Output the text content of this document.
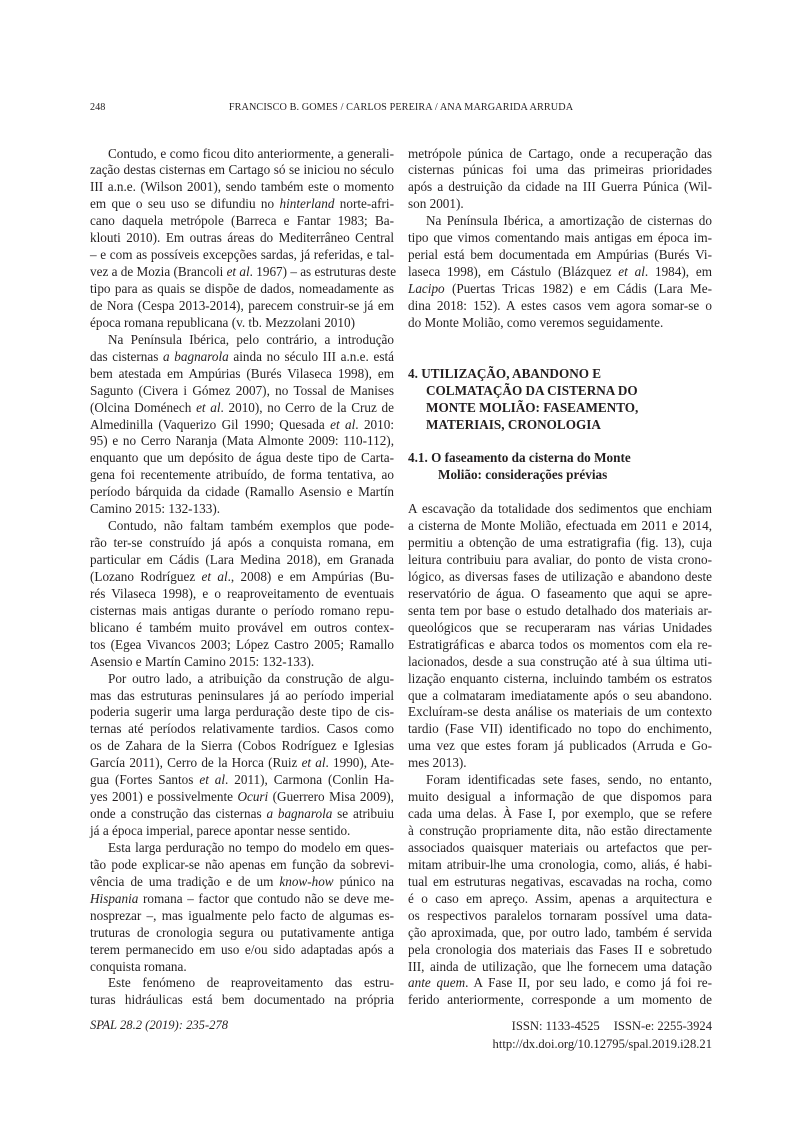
248	FRANCISCO B. GOMES / CARLOS PEREIRA / ANA MARGARIDA ARRUDA
Contudo, e como ficou dito anteriormente, a generali-
zação destas cisternas em Cartago só se iniciou no século
III a.n.e. (Wilson 2001), sendo também este o momento
em que o seu uso se difundiu no hinterland norte-afri-
cano daquela metrópole (Barreca e Fantar 1983; Ba-
klouti 2010). Em outras áreas do Mediterrâneo Central
– e com as possíveis excepções sardas, já referidas, e tal-
vez a de Mozia (Brancoli et al. 1967) – as estruturas deste
tipo para as quais se dispõe de dados, nomeadamente as
de Nora (Cespa 2013-2014), parecem construir-se já em
época romana republicana (v. tb. Mezzolani 2010)
Na Península Ibérica, pelo contrário, a introdução
das cisternas a bagnarola ainda no século III a.n.e. está
bem atestada em Ampúrias (Burés Vilaseca 1998), em
Sagunto (Civera i Gómez 2007), no Tossal de Manises
(Olcina Doménech et al. 2010), no Cerro de la Cruz de
Almedinilla (Vaquerizo Gil 1990; Quesada et al. 2010:
95) e no Cerro Naranja (Mata Almonte 2009: 110-112),
enquanto que um depósito de água deste tipo de Carta-
gena foi recentemente atribuído, de forma tentativa, ao
período bárquida da cidade (Ramallo Asensio e Martín
Camino 2015: 132-133).
Contudo, não faltam também exemplos que pode-
rão ter-se construído já após a conquista romana, em
particular em Cádis (Lara Medina 2018), em Granada
(Lozano Rodríguez et al., 2008) e em Ampúrias (Bu-
rés Vilaseca 1998), e o reaproveitamento de eventuais
cisternas mais antigas durante o período romano repu-
blicano é também muito provável em outros contex-
tos (Egea Vivancos 2003; López Castro 2005; Ramallo
Asensio e Martín Camino 2015: 132-133).
Por outro lado, a atribuição da construção de algu-
mas das estruturas peninsulares já ao período imperial
poderia sugerir uma larga perduração deste tipo de cis-
ternas até períodos relativamente tardios. Casos como
os de Zahara de la Sierra (Cobos Rodríguez e Iglesias
García 2011), Cerro de la Horca (Ruiz et al. 1990), Ate-
gua (Fortes Santos et al. 2011), Carmona (Conlin Ha-
yes 2001) e possivelmente Ocuri (Guerrero Misa 2009),
onde a construção das cisternas a bagnarola se atribuiu
já a época imperial, parece apontar nesse sentido.
Esta larga perduração no tempo do modelo em ques-
tão pode explicar-se não apenas em função da sobrevi-
vência de uma tradição e de um know-how púnico na
Hispania romana – factor que contudo não se deve me-
nosprezar –, mas igualmente pelo facto de algumas es-
truturas de cronologia segura ou putativamente antiga
terem permanecido em uso e/ou sido adaptadas após a
conquista romana.
Este fenómeno de reaproveitamento das estru-
turas hidráulicas está bem documentado na própria
metrópole púnica de Cartago, onde a recuperação das
cisternas púnicas foi uma das primeiras prioridades
após a destruição da cidade na III Guerra Púnica (Wil-
son 2001).
Na Península Ibérica, a amortização de cisternas do
tipo que vimos comentando mais antigas em época im-
perial está bem documentada em Ampúrias (Burés Vi-
laseca 1998), em Cástulo (Blázquez et al. 1984), em
Lacipo (Puertas Tricas 1982) e em Cádis (Lara Me-
dina 2018: 152). A estes casos vem agora somar-se o
do Monte Molião, como veremos seguidamente.
4. UTILIZAÇÃO, ABANDONO E
COLMATAÇÃO DA CISTERNA DO
MONTE MOLIÃO: FASEAMENTO,
MATERIAIS, CRONOLOGIA
4.1. O faseamento da cisterna do Monte
Molião: considerações prévias
A escavação da totalidade dos sedimentos que enchiam
a cisterna de Monte Molião, efectuada em 2011 e 2014,
permitiu a obtenção de uma estratigrafia (fig. 13), cuja
leitura contribuiu para avaliar, do ponto de vista crono-
lógico, as diversas fases de utilização e abandono deste
reservatório de água. O faseamento que aqui se apre-
senta tem por base o estudo detalhado dos materiais ar-
queológicos que se recuperaram nas várias Unidades
Estratigráficas e abarca todos os momentos com ela re-
lacionados, desde a sua construção até à sua última uti-
lização enquanto cisterna, incluindo também os estratos
que a colmataram imediatamente após o seu abandono.
Excluíram-se desta análise os materiais de um contexto
tardio (Fase VII) identificado no topo do enchimento,
uma vez que estes foram já publicados (Arruda e Go-
mes 2013).
Foram identificadas sete fases, sendo, no entanto,
muito desigual a informação de que dispomos para
cada uma delas. À Fase I, por exemplo, que se refere
à construção propriamente dita, não estão directamente
associados quaisquer materiais ou artefactos que per-
mitam atribuir-lhe uma cronologia, como, aliás, é habi-
tual em estruturas negativas, escavadas na rocha, como
é o caso em apreço. Assim, apenas a arquitectura e
os respectivos paralelos tornaram possível uma data-
ção aproximada, que, por outro lado, também é servida
pela cronologia dos materiais das Fases II e sobretudo
III, ainda de utilização, que lhe fornecem uma datação
ante quem. A Fase II, por seu lado, e como já foi re-
ferido anteriormente, corresponde a um momento de
SPAL 28.2 (2019): 235-278	ISSN: 1133-4525 ISSN-e: 2255-3924
http://dx.doi.org/10.12795/spal.2019.i28.21
